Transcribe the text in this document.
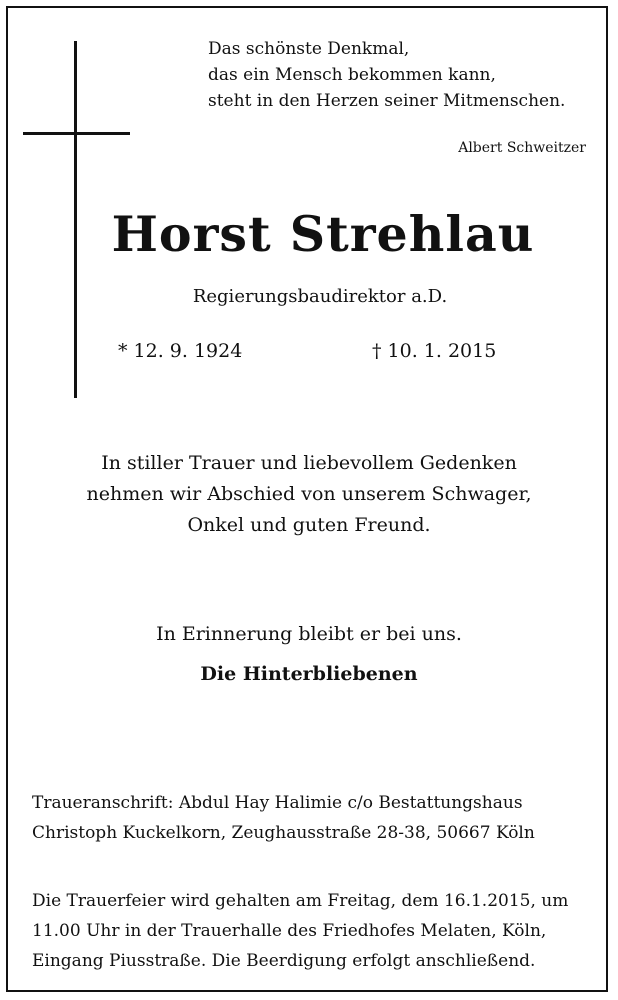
Das schönste Denkmal,
das ein Mensch bekommen kann,
steht in den Herzen seiner Mitmenschen.
Albert Schweitzer
Horst Strehlau
Regierungsbaudirektor a.D.
* 12. 9. 1924	† 10. 1. 2015
In stiller Trauer und liebevollem Gedenken
nehmen wir Abschied von unserem Schwager,
Onkel und guten Freund.
In Erinnerung bleibt er bei uns.
Die Hinterbliebenen
Traueranschrift: Abdul Hay Halimie c/o Bestattungshaus
Christoph Kuckelkorn, Zeughausstraße 28-38, 50667 Köln
Die Trauerfeier wird gehalten am Freitag, dem 16.1.2015, um
11.00 Uhr in der Trauerhalle des Friedhofes Melaten, Köln,
Eingang Piusstraße. Die Beerdigung erfolgt anschließend.
